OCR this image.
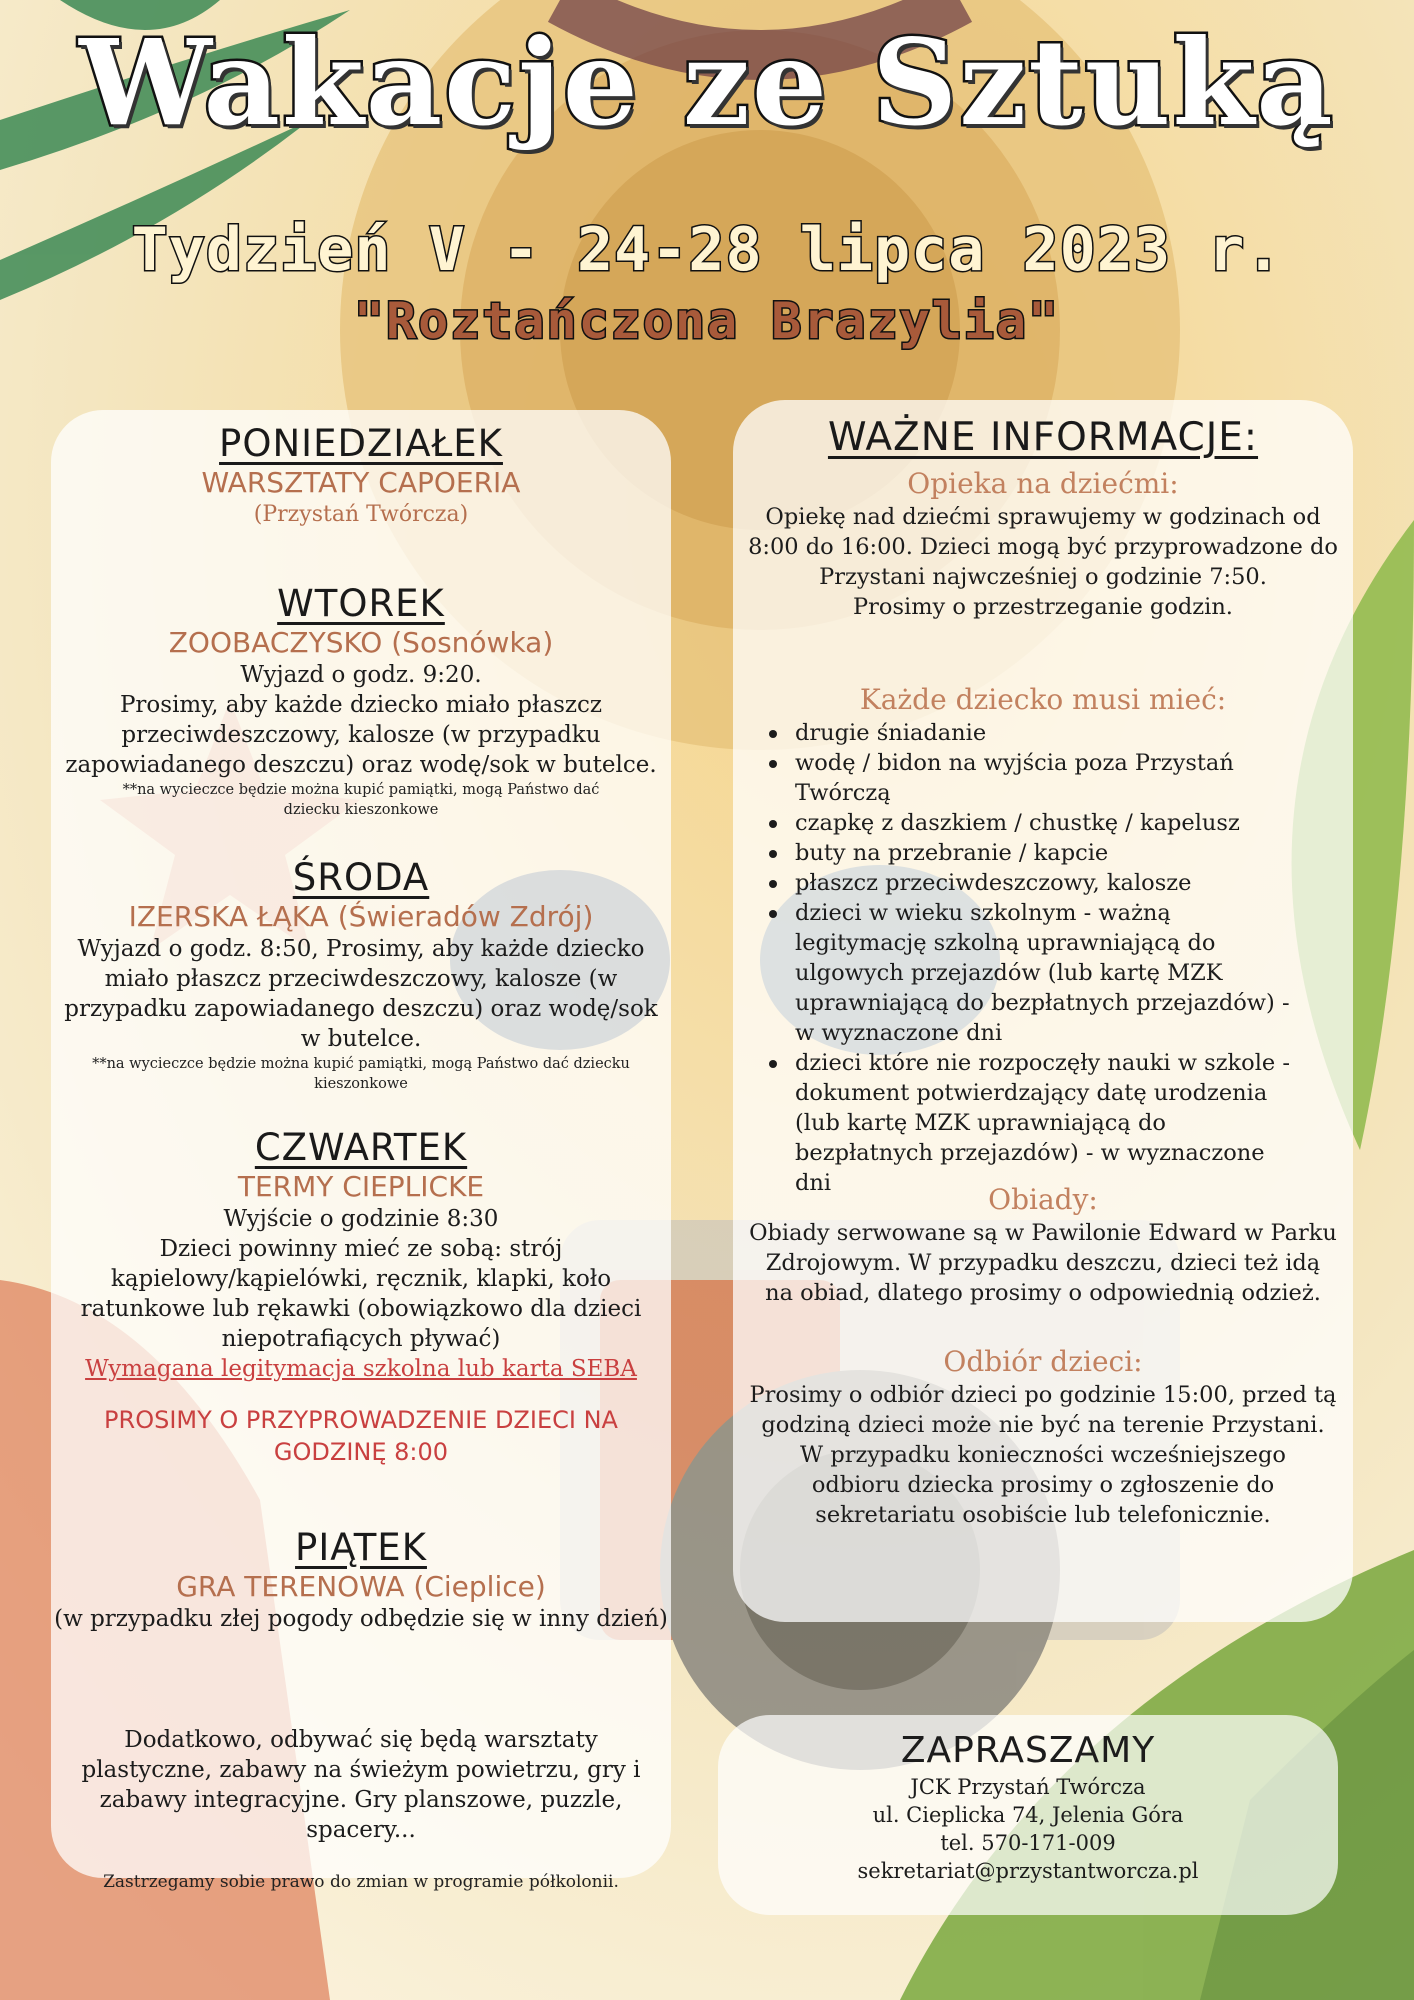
Wakacje ze Sztuką
Tydzień V - 24-28 lipca 2023 r.
"Roztańczona Brazylia"
PONIEDZIAŁEK
WARSZTATY CAPOERIA
(Przystań Twórcza)
WTOREK
ZOOBACZYSKO (Sosnówka)
Wyjazd o godz. 9:20.
Prosimy, aby każde dziecko miało płaszcz
przeciwdeszczowy, kalosze (w przypadku
zapowiadanego deszczu) oraz wodę/sok w butelce.
**na wycieczce będzie można kupić pamiątki, mogą Państwo dać
dziecku kieszonkowe
ŚRODA
IZERSKA ŁĄKA (Świeradów Zdrój)
Wyjazd o godz. 8:50, Prosimy, aby każde dziecko
miało płaszcz przeciwdeszczowy, kalosze (w
przypadku zapowiadanego deszczu) oraz wodę/sok
w butelce.
**na wycieczce będzie można kupić pamiątki, mogą Państwo dać dziecku
kieszonkowe
CZWARTEK
TERMY CIEPLICKE
Wyjście o godzinie 8:30
Dzieci powinny mieć ze sobą: strój
kąpielowy/kąpielówki, ręcznik, klapki, koło
ratunkowe lub rękawki (obowiązkowo dla dzieci
niepotrafiących pływać)
Wymagana legitymacja szkolna lub karta SEBA
PROSIMY O PRZYPROWADZENIE DZIECI NA
GODZINĘ 8:00
PIĄTEK
GRA TERENOWA (Cieplice)
(w przypadku złej pogody odbędzie się w inny dzień)
Dodatkowo, odbywać się będą warsztaty
plastyczne, zabawy na świeżym powietrzu, gry i
zabawy integracyjne. Gry planszowe, puzzle,
spacery...
Zastrzegamy sobie prawo do zmian w programie półkolonii.
WAŻNE INFORMACJE:
Opieka na dziećmi:
Opiekę nad dziećmi sprawujemy w godzinach od
8:00 do 16:00. Dzieci mogą być przyprowadzone do
Przystani najwcześniej o godzinie 7:50.
Prosimy o przestrzeganie godzin.
Każde dziecko musi mieć:
drugie śniadanie
wodę / bidon na wyjścia poza Przystań Twórczą
czapkę z daszkiem / chustkę / kapelusz
buty na przebranie / kapcie
płaszcz przeciwdeszczowy, kalosze
dzieci w wieku szkolnym - ważną legitymację szkolną uprawniającą do ulgowych przejazdów (lub kartę MZK uprawniającą do bezpłatnych przejazdów) - w wyznaczone dni
dzieci które nie rozpoczęły nauki w szkole - dokument potwierdzający datę urodzenia (lub kartę MZK uprawniającą do bezpłatnych przejazdów) - w wyznaczone dni	Obiady:
Obiady serwowane są w Pawilonie Edward w Parku
Zdrojowym. W przypadku deszczu, dzieci też idą
na obiad, dlatego prosimy o odpowiednią odzież.
Odbiór dzieci:
Prosimy o odbiór dzieci po godzinie 15:00, przed tą
godziną dzieci może nie być na terenie Przystani.
W przypadku konieczności wcześniejszego
odbioru dziecka prosimy o zgłoszenie do
sekretariatu osobiście lub telefonicznie.
ZAPRASZAMY
JCK Przystań Twórcza
ul. Cieplicka 74, Jelenia Góra
tel. 570-171-009
sekretariat@przystantworcza.pl
